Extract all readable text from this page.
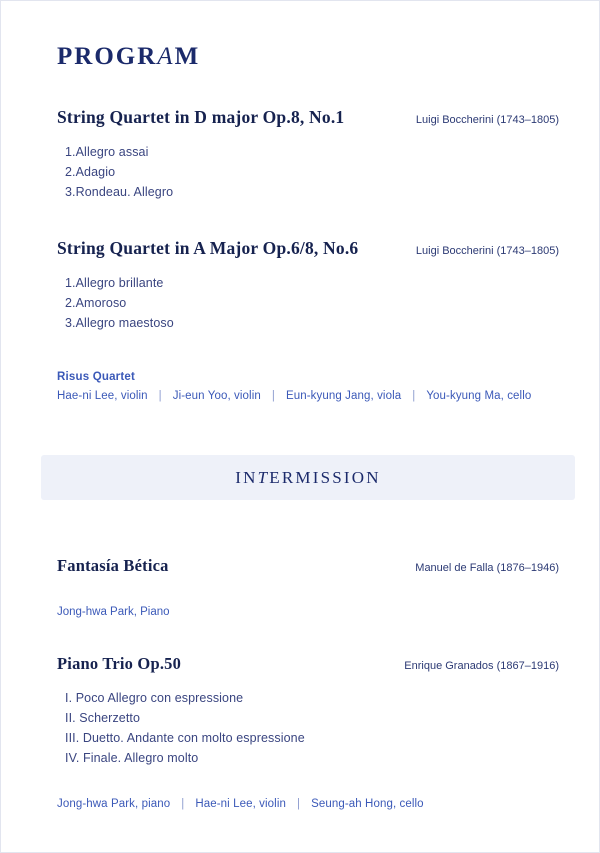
PROGRAM
String Quartet in D major Op.8, No.1	Luigi Boccherini (1743–1805)
1.Allegro assai
2.Adagio
3.Rondeau. Allegro
String Quartet in A Major Op.6/8, No.6	Luigi Boccherini (1743–1805)
1.Allegro brillante
2.Amoroso
3.Allegro maestoso
Risus Quartet
Hae-ni Lee, violin | Ji-eun Yoo, violin | Eun-kyung Jang, viola | You-kyung Ma, cello
INTERMISSION
Fantasía Bética	Manuel de Falla (1876–1946)
Jong-hwa Park, Piano
Piano Trio Op.50	Enrique Granados (1867–1916)
I. Poco Allegro con espressione
II. Scherzetto
III. Duetto. Andante con molto espressione
IV. Finale. Allegro molto
Jong-hwa Park, piano | Hae-ni Lee, violin | Seung-ah Hong, cello
